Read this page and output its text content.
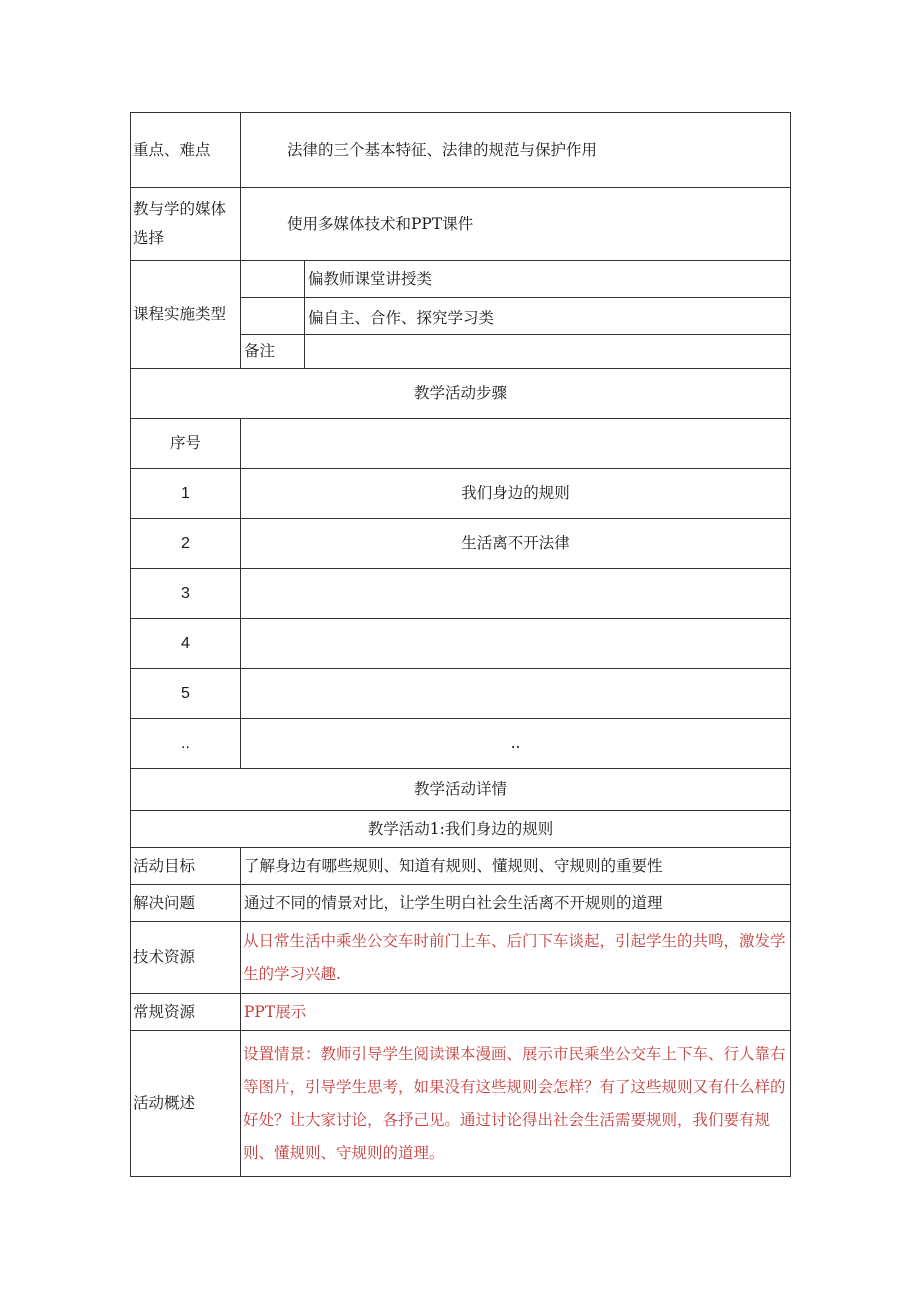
重点、难点	法律的三个基本特征、法律的规范与保护作用	
教与学的媒体选择	使用多媒体技术和PPT课件	
课程实施类型		偏教师课堂讲授类
		偏自主、合作、探究学习类
	备注	
教学活动步骤		
序号		
1	我们身边的规则	
2	生活离不开法律	
3		
4		
5		
..	..	
教学活动详情		
教学活动1:我们身边的规则		
活动目标	了解身边有哪些规则、知道有规则、懂规则、守规则的重要性	
解决问题	通过不同的情景对比，让学生明白社会生活离不开规则的道理	
技术资源	从日常生活中乘坐公交车时前门上车、后门下车谈起，引起学生的共鸣，激发学生的学习兴趣.	
常规资源	PPT展示	
活动概述	设置情景：教师引导学生阅读课本漫画、展示市民乘坐公交车上下车、行人靠右等图片，引导学生思考，如果没有这些规则会怎样？有了这些规则又有什么样的好处？让大家讨论，各抒己见。通过讨论得出社会生活需要规则，我们要有规则、懂规则、守规则的道理。	
